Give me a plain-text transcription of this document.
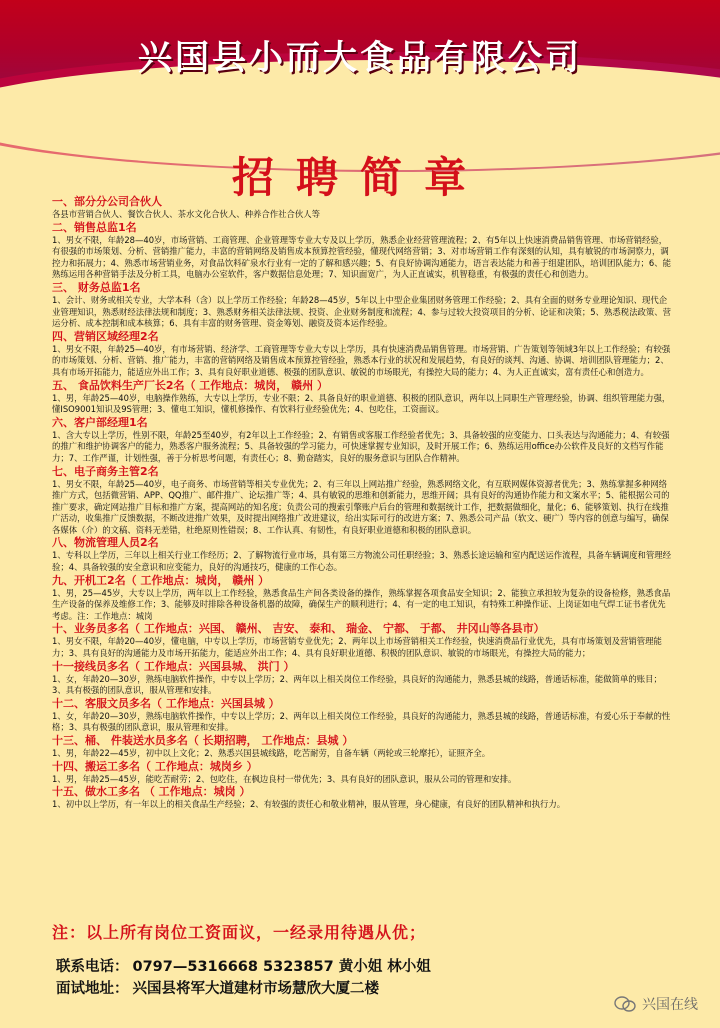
兴国县小而大食品有限公司
招聘简章
一、部分分公司合伙人
各县市营销合伙人、餐饮合伙人、茶水文化合伙人、种养合作社合伙人等
二、销售总监1名
1、男女不限，年龄28—40岁，市场营销、工商管理、企业管理等专业大专及以上学历，熟悉企业经营管理流程；2、有5年以上快速消费品销售管理、市场营销经验，有很强的市场策划、分析、营销推广能力，丰富的营销网络及销售成本预算控管经验，懂现代网络营销；3、对市场营销工作有深刻的认知，具有敏锐的市场洞察力，调控力和拓展力；4、熟悉市场营销业务，对食品饮料矿泉水行业有一定的了解和感兴趣；5、有良好协调沟通能力，语言表达能力和善于组建团队，培训团队能力；6、能熟练运用各种营销手法及分析工具，电脑办公室软件，客户数据信息处理；7、知识面宽广，为人正直诚实，机智稳重，有极强的责任心和创造力。
三、 财务总监1名
1、会计、财务或相关专业，大学本科（含）以上学历工作经验；年龄28—45岁，5年以上中型企业集团财务管理工作经验；2、具有全面的财务专业理论知识、现代企业管理知识，熟悉财经法律法规和制度；3、熟悉财务相关法律法规、投资、企业财务制度和流程；4、参与过较大投资项目的分析、论证和决策；5、熟悉税法政策、营运分析、成本控制和成本核算；6、具有丰富的财务管理、资金筹划、融资及资本运作经验。
四、营销区域经理2名
1、男女不限，年龄25—40岁，有市场营销、经济学、工商管理等专业大专以上学历，具有快速消费品销售管理。市场营销、广告策划等领域3年以上工作经验；有较强的市场策划、分析、营销、推广能力，丰富的营销网络及销售成本预算控管经验，熟悉本行业的状况和发展趋势，有良好的谈判、沟通、协调、培训团队管理能力；2、具有市场开拓能力，能适应外出工作；3、具有良好职业道德、极强的团队意识、敏锐的市场眼光，有操控大局的能力；4、为人正直诚实，富有责任心和创造力。
五、 食品饮料生产厂长2名（ 工作地点：城岗， 赣州 ）
1、男，年龄25—40岁，电脑操作熟练，大专以上学历，专业不限；2、具备良好的职业道德、积极的团队意识，两年以上同职生产管理经验，协调、组织管理能力强，懂ISO9001知识及9S管理；3、懂电工知识，懂机修操作、有饮料行业经验优先；4、包吃住，工资面议。
六、客户部经理1名
1、含大专以上学历，性别不限，年龄25至40岁，有2年以上工作经验；2、有销售或客服工作经验者优先；3、具备较强的应变能力、口头表达与沟通能力；4、有较强的推广和维护协调客户的能力，熟悉客户服务流程；5、具备较强的学习能力，可快速掌握专业知识，及时开展工作；6、熟练运用office办公软件及良好的文档写作能力；7、工作严谨，计划性强，善于分析思考问题，有责任心；8、勤奋踏实，良好的服务意识与团队合作精神。
七、电子商务主管2名
1、男女不限，年龄25—40岁，电子商务、市场营销等相关专业优先；2、有三年以上网站推广经验，熟悉网络文化，有互联网媒体资源者优先；3、熟练掌握多种网络推广方式，包括微营销、APP、QQ推广、邮件推广、论坛推广等；4、具有敏锐的思维和创新能力，思维开阔；具有良好的沟通协作能力和文案水平；5、能根据公司的推广要求，确定网站推广目标和推广方案，提高网站的知名度；负责公司的搜索引擎账户后台的管理和数据统计工作，把数据做细化，量化；6、能够策划、执行在线推广活动，收集推广反馈数据，不断改进推广效果，及时提出网络推广改进建议，给出实际可行的改进方案；7、熟悉公司产品（软文、硬广）等内容的创意与编写，确保各媒体（介）的文稿、资料无差错，杜绝原则性错误；8、工作认真、有韧性，有良好职业道德和积极的团队意识。
八、物流管理人员2名
1、专科以上学历，三年以上相关行业工作经历；2、了解物流行业市场，具有第三方物流公司任职经验；3、熟悉长途运输和室内配送运作流程，具备车辆调度和管理经验；4、具备较强的安全意识和应变能力，良好的沟通技巧，健康的工作心态。
九、开机工2名（ 工作地点：城岗， 赣州 ）
1、男，25—45岁，大专以上学历，两年以上工作经验，熟悉食品生产间各类设备的操作，熟练掌握各项食品安全知识；2、能独立承担较为复杂的设备检修，熟悉食品生产设备的保养及维修工作；3、能够及时排除各种设备机器的故障，确保生产的顺利进行；4、有一定的电工知识，有特殊工种操作证、上岗证如电气焊工证书者优先考虑。注：工作地点：城岗
十、业务员多名（ 工作地点：兴国、 赣州、 吉安、 泰和、 瑞金、 宁都、 于都、 井冈山等各县市）
1、男女不限，年龄20—40岁，懂电脑，中专以上学历，市场营销专业优先；2、两年以上市场营销相关工作经验，快速消费品行业优先，具有市场策划及营销管理能力；3、具有良好的沟通能力及市场开拓能力，能适应外出工作；4、具有良好职业道德、积极的团队意识、敏锐的市场眼光，有操控大局的能力；
十一接线员多名（ 工作地点：兴国县城、 洪门 ）
1、女，年龄20—30岁，熟练电脑软件操作，中专以上学历；2、两年以上相关岗位工作经验，具良好的沟通能力，熟悉县城的线路，普通话标准，能做简单的账目；3、具有极强的团队意识，服从管理和安排。
十二、客服文员多名（ 工作地点：兴国县城 ）
1、女，年龄20—30岁，熟练电脑软件操作，中专以上学历；2、两年以上相关岗位工作经验，具良好的沟通能力，熟悉县城的线路，普通话标准，有爱心乐于奉献的性格；3、具有极强的团队意识，服从管理和安排。
十三、桶、 件装送水员多名（ 长期招聘， 工作地点：县城 ）
1、男，年龄22—45岁，初中以上文化；2、熟悉兴国县城线路，吃苦耐劳，自备车辆（两轮或三轮摩托），证照齐全。
十四、搬运工多名（ 工作地点：城岗乡 ）
1、男，年龄25—45岁，能吃苦耐劳；2、包吃住，在枫边良村一带优先；3、具有良好的团队意识，服从公司的管理和安排。
十五、做水工多名 （ 工作地点：城岗 ）
1、初中以上学历，有一年以上的相关食品生产经验；2、有较强的责任心和敬业精神，服从管理，身心健康，有良好的团队精神和执行力。
注：以上所有岗位工资面议，一经录用待遇从优；
联系电话： 0797—5316668 5323857 黄小姐 林小姐
面试地址： 兴国县将军大道建材市场慧欣大厦二楼
兴国在线
